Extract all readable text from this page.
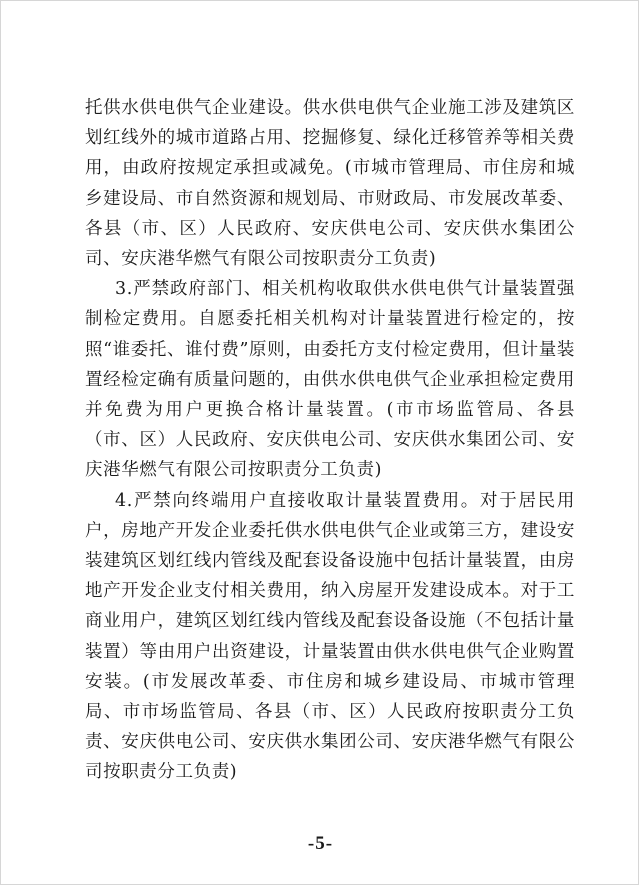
托供水供电供气企业建设。供水供电供气企业施工涉及建筑区划红线外的城市道路占用、挖掘修复、绿化迁移管养等相关费用，由政府按规定承担或减免。(市城市管理局、市住房和城乡建设局、市自然资源和规划局、市财政局、市发展改革委、各县（市、区）人民政府、安庆供电公司、安庆供水集团公司、安庆港华燃气有限公司按职责分工负责)

3.严禁政府部门、相关机构收取供水供电供气计量装置强制检定费用。自愿委托相关机构对计量装置进行检定的，按照“谁委托、谁付费”原则，由委托方支付检定费用，但计量装置经检定确有质量问题的，由供水供电供气企业承担检定费用并免费为用户更换合格计量装置。(市市场监管局、各县（市、区）人民政府、安庆供电公司、安庆供水集团公司、安庆港华燃气有限公司按职责分工负责)

4.严禁向终端用户直接收取计量装置费用。对于居民用户，房地产开发企业委托供水供电供气企业或第三方，建设安装建筑区划红线内管线及配套设备设施中包括计量装置，由房地产开发企业支付相关费用，纳入房屋开发建设成本。对于工商业用户，建筑区划红线内管线及配套设备设施（不包括计量装置）等由用户出资建设，计量装置由供水供电供气企业购置安装。(市发展改革委、市住房和城乡建设局、市城市管理局、市市场监管局、各县（市、区）人民政府按职责分工负责、安庆供电公司、安庆供水集团公司、安庆港华燃气有限公司按职责分工负责)

-5-
